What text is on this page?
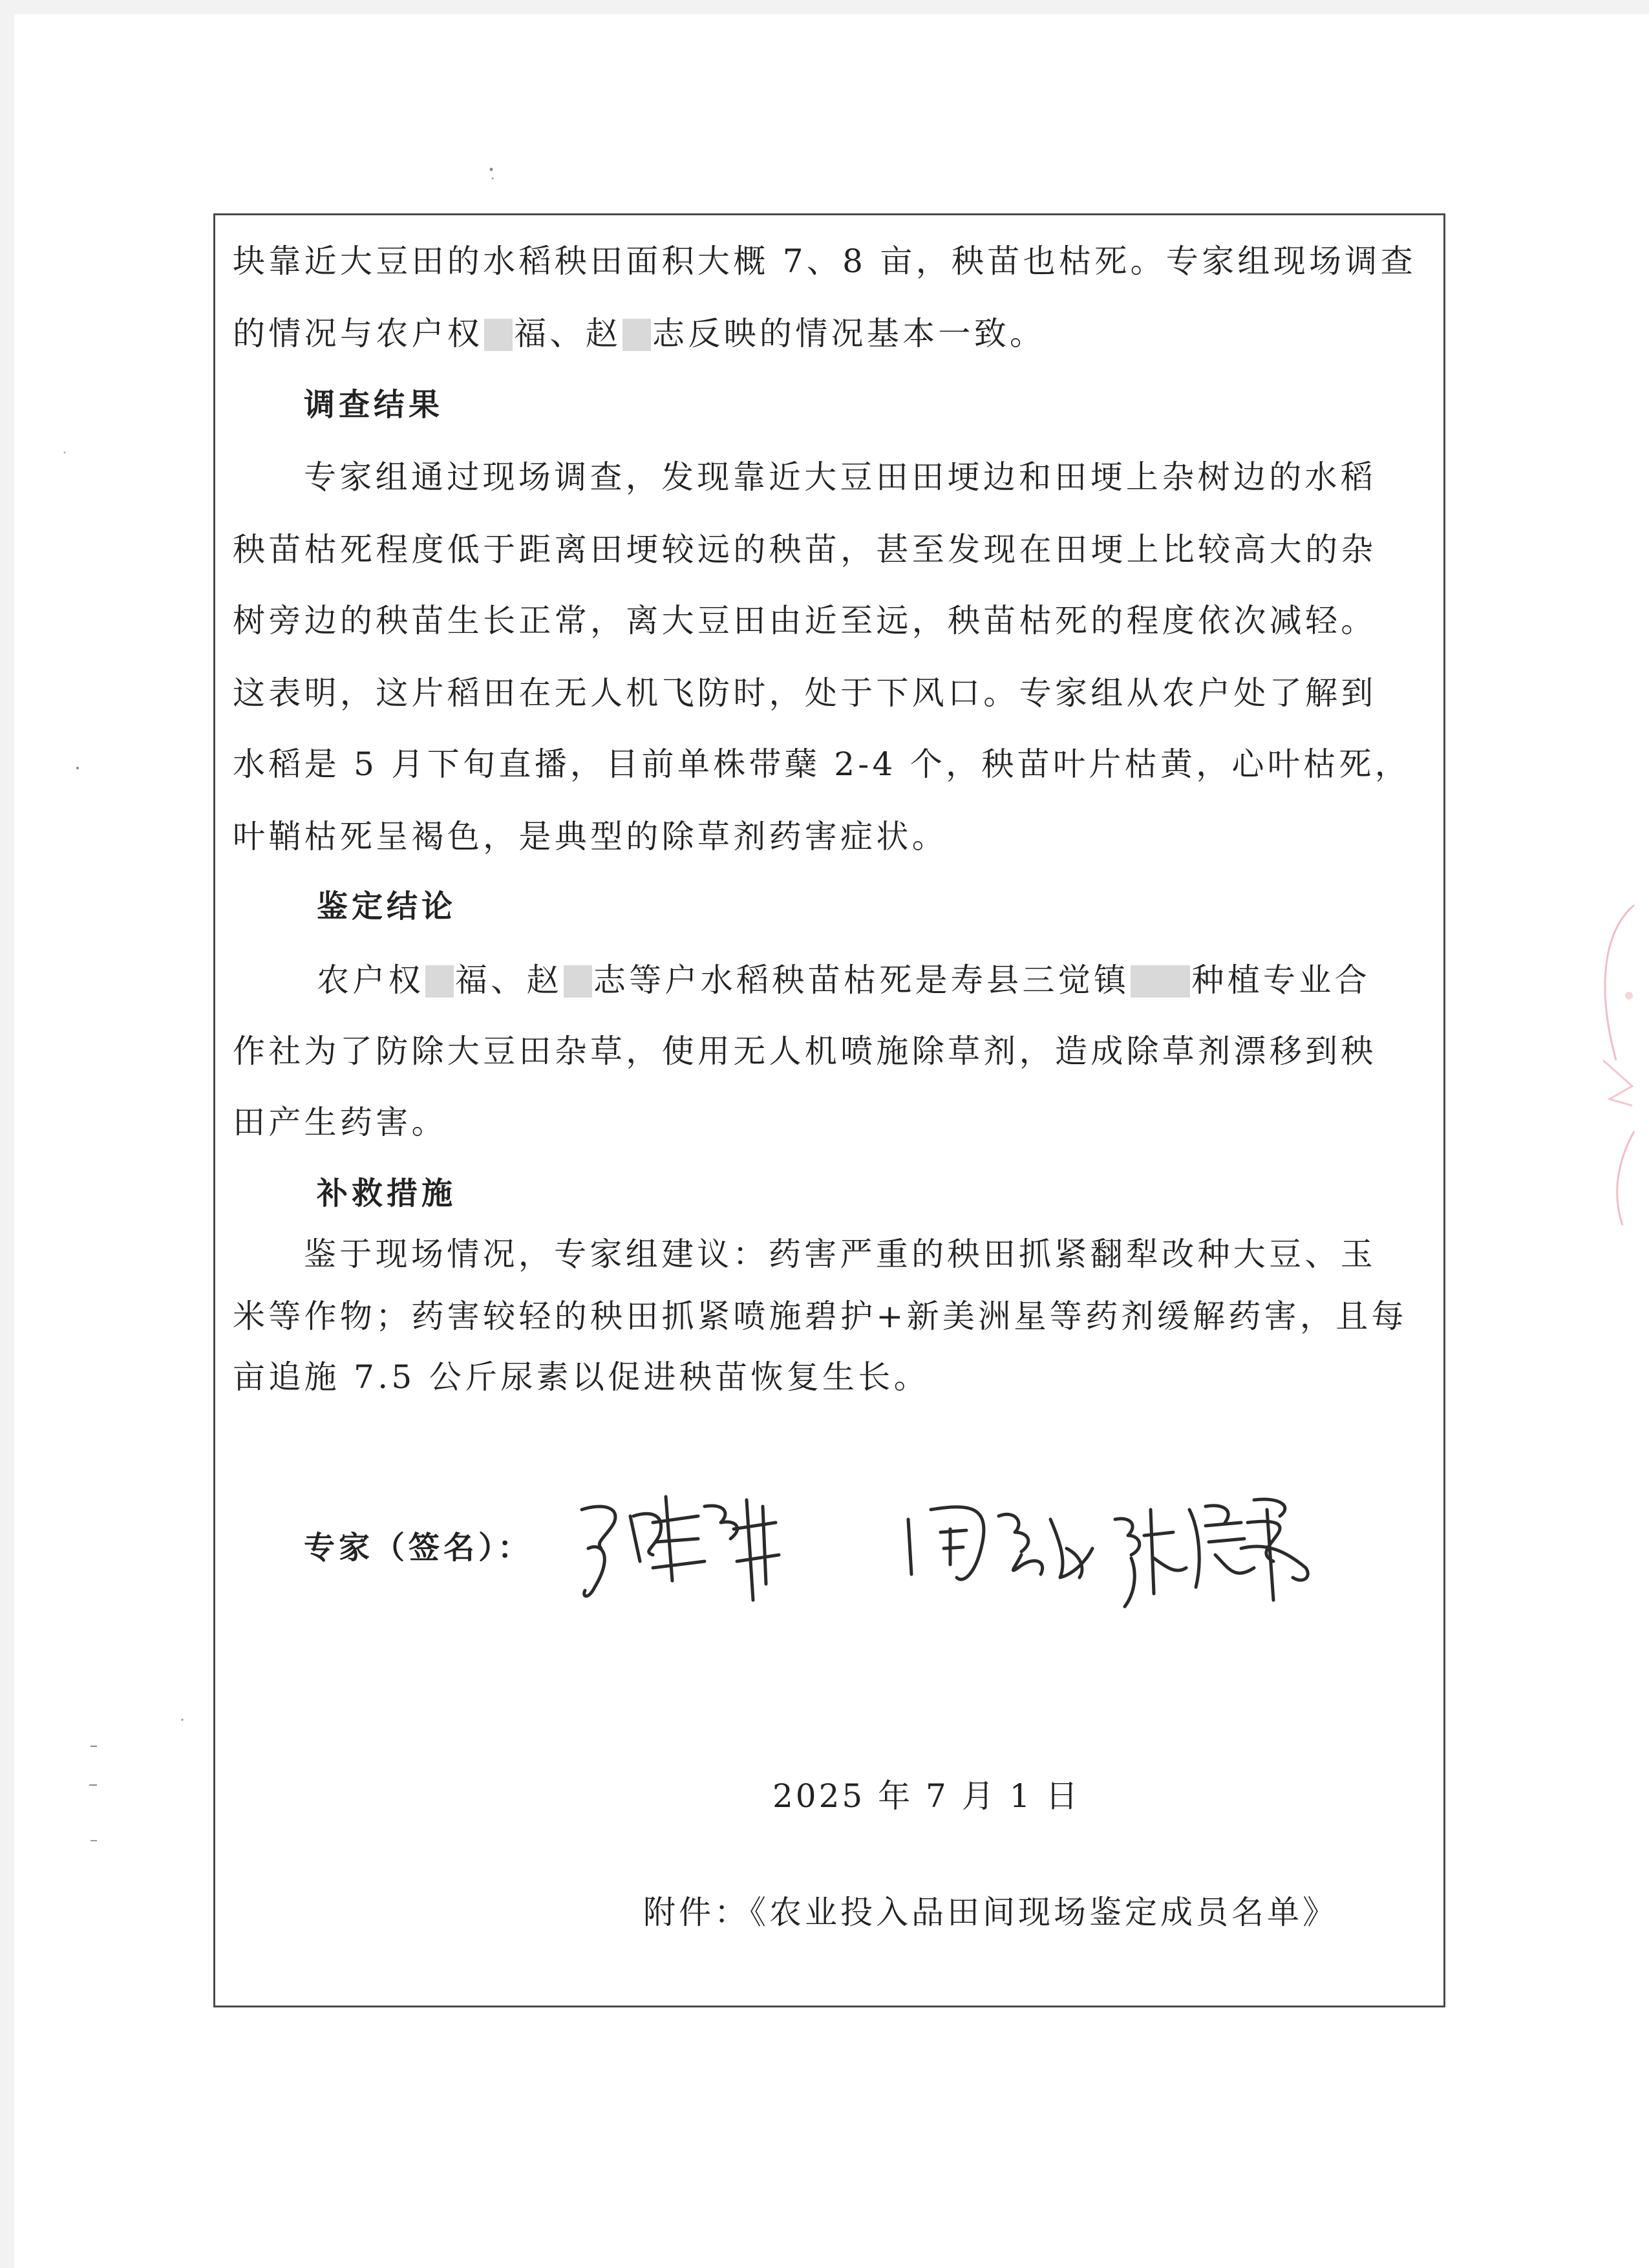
块靠近大豆田的水稻秧田面积大概 7、8 亩，秧苗也枯死。专家组现场调查
的情况与农户权 福、赵 志反映的情况基本一致。
调查结果
专家组通过现场调查，发现靠近大豆田田埂边和田埂上杂树边的水稻
秧苗枯死程度低于距离田埂较远的秧苗，甚至发现在田埂上比较高大的杂
树旁边的秧苗生长正常，离大豆田由近至远，秧苗枯死的程度依次减轻。
这表明，这片稻田在无人机飞防时，处于下风口。专家组从农户处了解到
水稻是 5 月下旬直播，目前单株带蘖 2-4 个，秧苗叶片枯黄，心叶枯死，
叶鞘枯死呈褐色，是典型的除草剂药害症状。
鉴定结论
农户权 福、赵 志等户水稻秧苗枯死是寿县三觉镇 种植专业合
作社为了防除大豆田杂草，使用无人机喷施除草剂，造成除草剂漂移到秧
田产生药害。
补救措施
鉴于现场情况，专家组建议：药害严重的秧田抓紧翻犁改种大豆、玉
米等作物；药害较轻的秧田抓紧喷施碧护+新美洲星等药剂缓解药害，且每
亩追施 7.5 公斤尿素以促进秧苗恢复生长。
专家（签名）：
2025 年 7 月 1 日
附件：《农业投入品田间现场鉴定成员名单》
